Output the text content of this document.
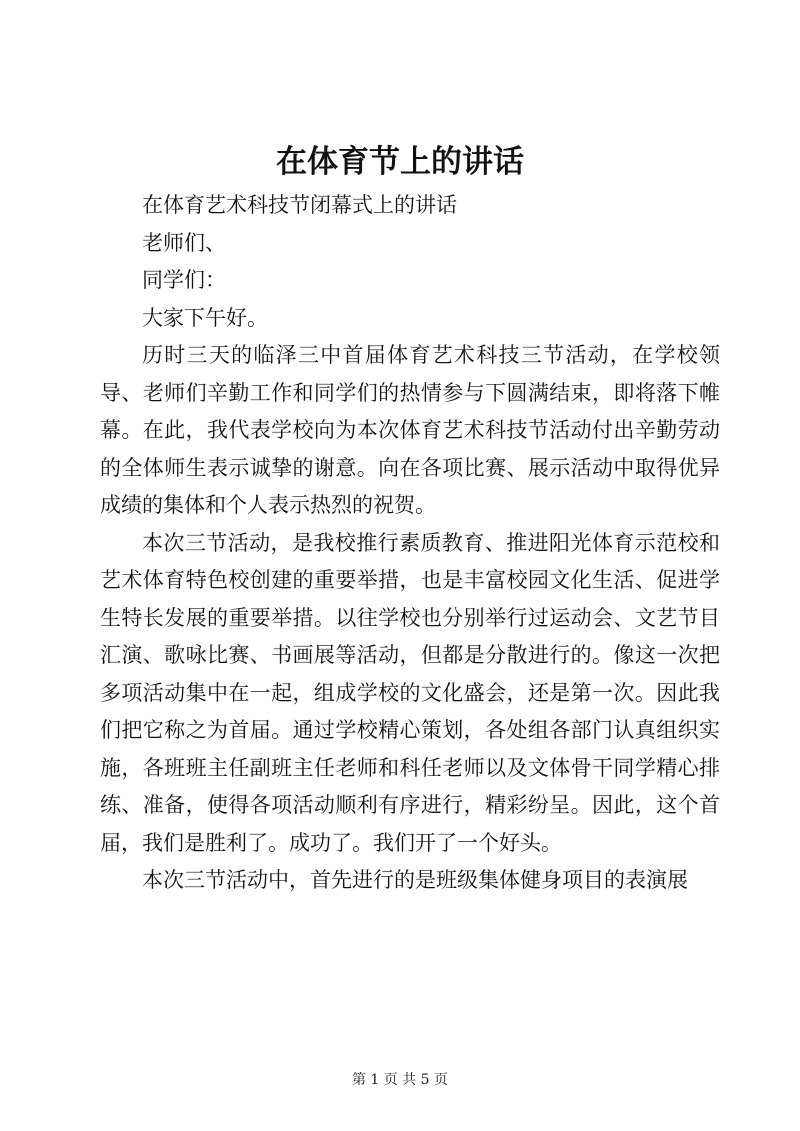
在体育节上的讲话

在体育艺术科技节闭幕式上的讲话

老师们、

同学们：

大家下午好。

历时三天的临泽三中首届体育艺术科技三节活动，在学校领导、老师们辛勤工作和同学们的热情参与下圆满结束，即将落下帷幕。在此，我代表学校向为本次体育艺术科技节活动付出辛勤劳动的全体师生表示诚挚的谢意。向在各项比赛、展示活动中取得优异成绩的集体和个人表示热烈的祝贺。

本次三节活动，是我校推行素质教育、推进阳光体育示范校和艺术体育特色校创建的重要举措，也是丰富校园文化生活、促进学生特长发展的重要举措。以往学校也分别举行过运动会、文艺节目汇演、歌咏比赛、书画展等活动，但都是分散进行的。像这一次把多项活动集中在一起，组成学校的文化盛会，还是第一次。因此我们把它称之为首届。通过学校精心策划，各处组各部门认真组织实施，各班班主任副班主任老师和科任老师以及文体骨干同学精心排练、准备，使得各项活动顺利有序进行，精彩纷呈。因此，这个首届，我们是胜利了。成功了。我们开了一个好头。

本次三节活动中，首先进行的是班级集体健身项目的表演展

第 1 页 共 5 页
